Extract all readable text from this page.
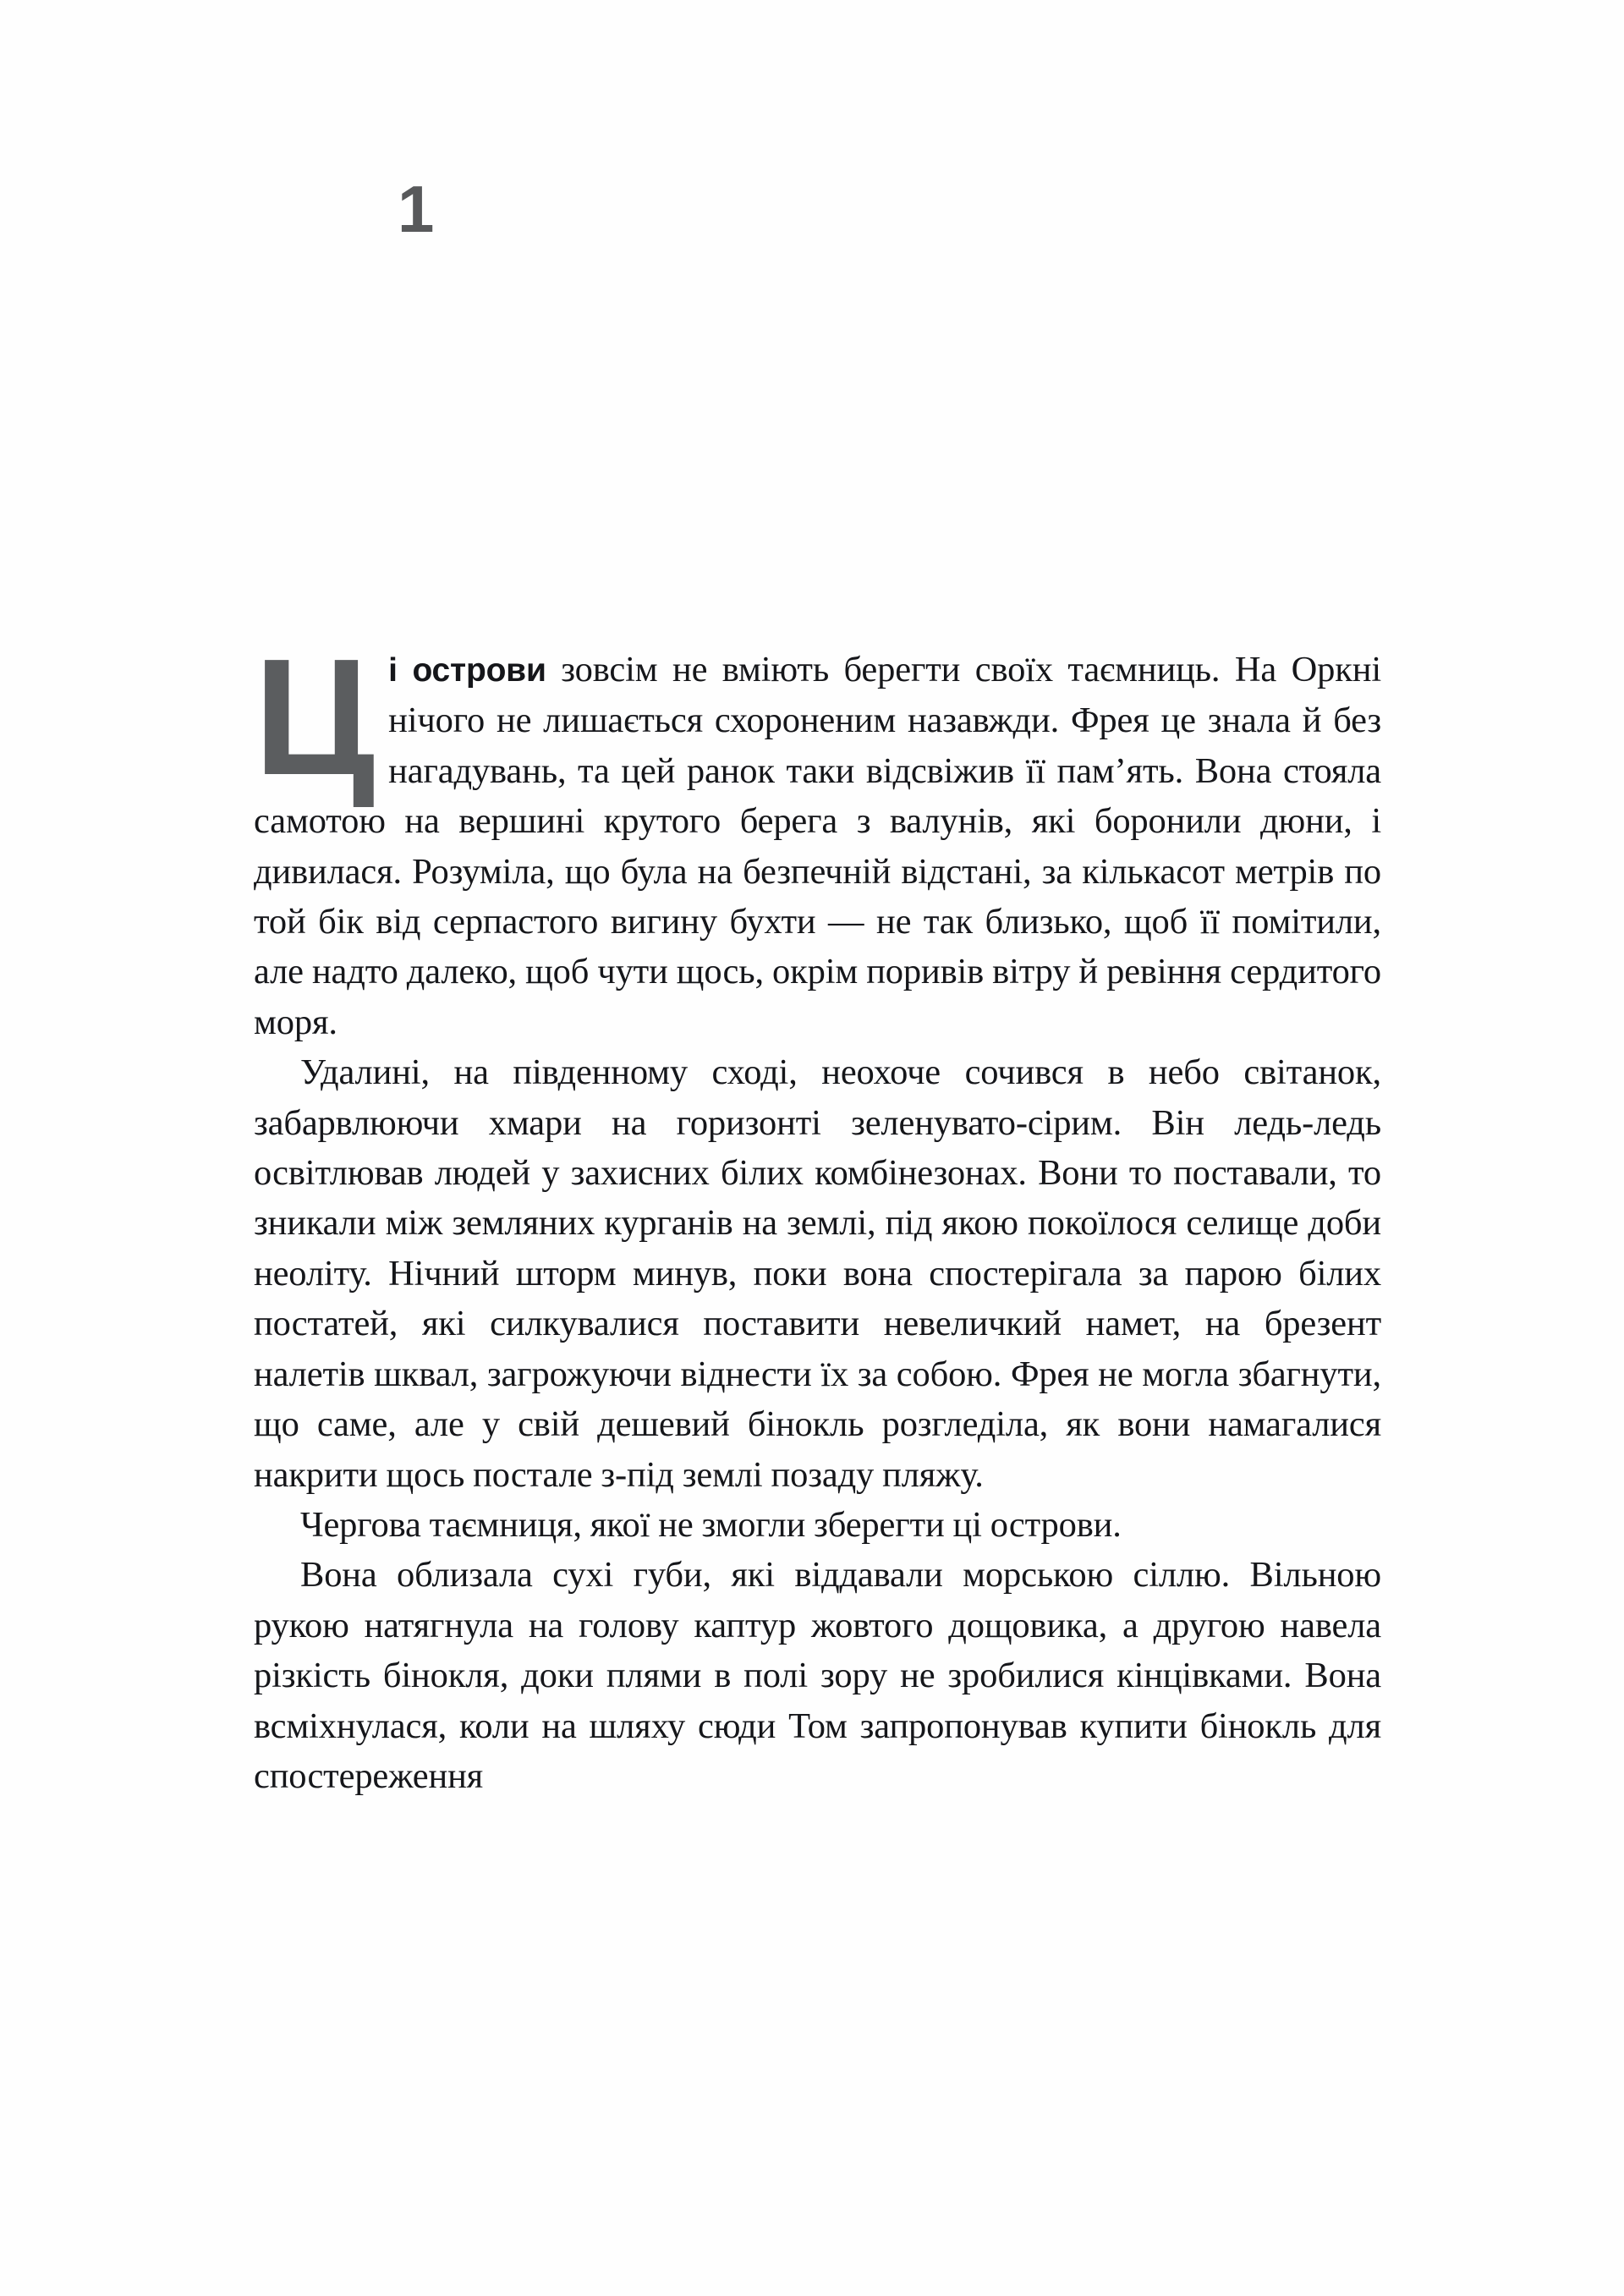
1

Ці острови зовсім не вміють берегти своїх таємниць. На Оркні нічого не лишається схороненим назавжди. Фрея це знала й без нагадувань, та цей ранок таки відсвіжив її пам’ять. Вона стояла самотою на вершині крутого берега з валунів, які боронили дюни, і дивилася. Розуміла, що була на безпечній відстані, за кількасот метрів по той бік від серпастого вигину бухти — не так близько, щоб її помітили, але надто далеко, щоб чути щось, окрім поривів вітру й ревіння сердитого моря.

Удалині, на південному сході, неохоче сочився в небо світанок, забарвлюючи хмари на горизонті зеленувато-сірим. Він ледь-ледь освітлював людей у захисних білих комбінезонах. Вони то поставали, то зникали між земляних курганів на землі, під якою покоїлося селище доби неоліту. Нічний шторм минув, поки вона спостерігала за парою білих постатей, які силкувалися поставити невеличкий намет, на брезент налетів шквал, загрожуючи віднести їх за собою. Фрея не могла збагнути, що саме, але у свій дешевий бінокль розгледіла, як вони намагалися накрити щось постале з-під землі позаду пляжу.

Чергова таємниця, якої не змогли зберегти ці острови.

Вона облизала сухі губи, які віддавали морською сіллю. Вільною рукою натягнула на голову каптур жовтого дощовика, а другою навела різкість бінокля, доки плями в полі зору не зробилися кінцівками. Вона всміхнулася, коли на шляху сюди Том запропонував купити бінокль для спостереження
